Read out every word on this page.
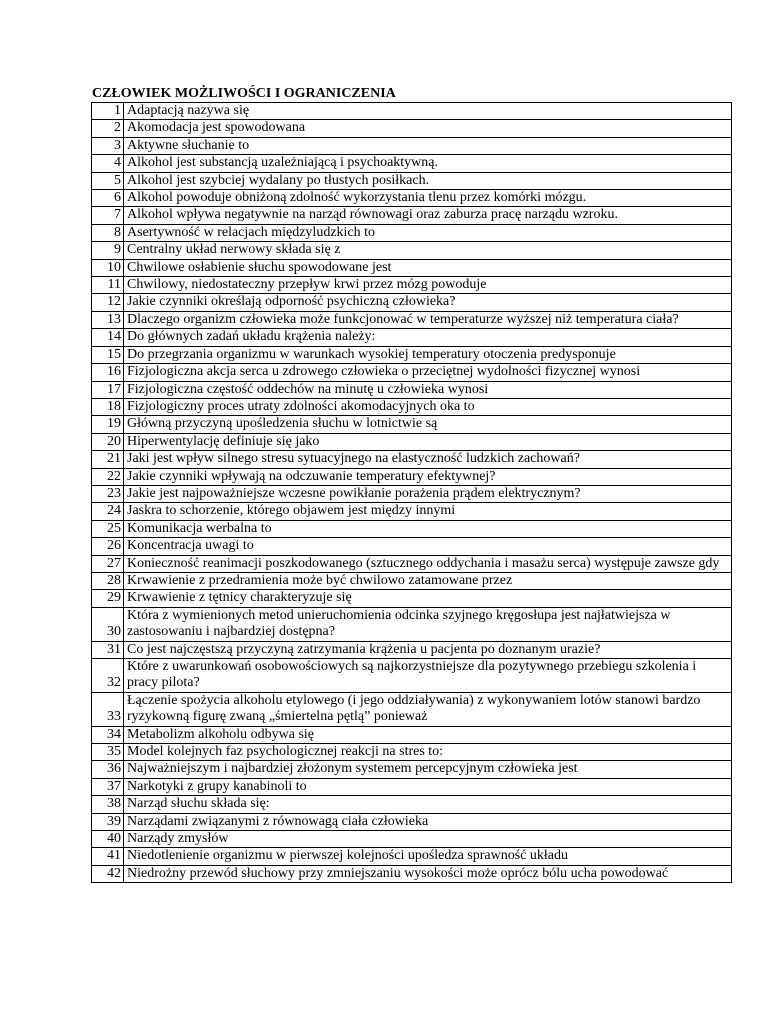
CZŁOWIEK MOŻLIWOŚCI I OGRANICZENIA
1	Adaptacją nazywa się
2	Akomodacja jest spowodowana
3	Aktywne słuchanie to
4	Alkohol jest substancją uzależniającą i psychoaktywną.
5	Alkohol jest szybciej wydalany po tłustych posiłkach.
6	Alkohol powoduje obniżoną zdolność wykorzystania tlenu przez komórki mózgu.
7	Alkohol wpływa negatywnie na narząd równowagi oraz zaburza pracę narządu wzroku.
8	Asertywność w relacjach międzyludzkich to
9	Centralny układ nerwowy składa się z
10	Chwilowe osłabienie słuchu spowodowane jest
11	Chwilowy, niedostateczny przepływ krwi przez mózg powoduje
12	Jakie czynniki określają odporność psychiczną człowieka?
13	Dlaczego organizm człowieka może funkcjonować w temperaturze wyższej niż temperatura ciała?
14	Do głównych zadań układu krążenia należy:
15	Do przegrzania organizmu w warunkach wysokiej temperatury otoczenia predysponuje
16	Fizjologiczna akcja serca u zdrowego człowieka o przeciętnej wydolności fizycznej wynosi
17	Fizjologiczna częstość oddechów na minutę u człowieka wynosi
18	Fizjologiczny proces utraty zdolności akomodacyjnych oka to
19	Główną przyczyną upośledzenia słuchu w lotnictwie są
20	Hiperwentylację definiuje się jako
21	Jaki jest wpływ silnego stresu sytuacyjnego na elastyczność ludzkich zachowań?
22	Jakie czynniki wpływają na odczuwanie temperatury efektywnej?
23	Jakie jest najpoważniejsze wczesne powikłanie porażenia prądem elektrycznym?
24	Jaskra to schorzenie, którego objawem jest między innymi
25	Komunikacja werbalna to
26	Koncentracja uwagi to
27	Konieczność reanimacji poszkodowanego (sztucznego oddychania i masażu serca) występuje zawsze gdy
28	Krwawienie z przedramienia może być chwilowo zatamowane przez
29	Krwawienie z tętnicy charakteryzuje się
30	Która z wymienionych metod unieruchomienia odcinka szyjnego kręgosłupa jest najłatwiejsza w zastosowaniu i najbardziej dostępna?
31	Co jest najczęstszą przyczyną zatrzymania krążenia u pacjenta po doznanym urazie?
32	Które z uwarunkowań osobowościowych są najkorzystniejsze dla pozytywnego przebiegu szkolenia i pracy pilota?
33	Łączenie spożycia alkoholu etylowego (i jego oddziaływania) z wykonywaniem lotów stanowi bardzo ryzykowną figurę zwaną „śmiertelna pętlą” ponieważ
34	Metabolizm alkoholu odbywa się
35	Model kolejnych faz psychologicznej reakcji na stres to:
36	Najważniejszym i najbardziej złożonym systemem percepcyjnym człowieka jest
37	Narkotyki z grupy kanabinoli to
38	Narząd słuchu składa się:
39	Narządami związanymi z równowagą ciała człowieka
40	Narządy zmysłów
41	Niedotlenienie organizmu w pierwszej kolejności upośledza sprawność układu
42	Niedrożny przewód słuchowy przy zmniejszaniu wysokości może oprócz bólu ucha powodować
